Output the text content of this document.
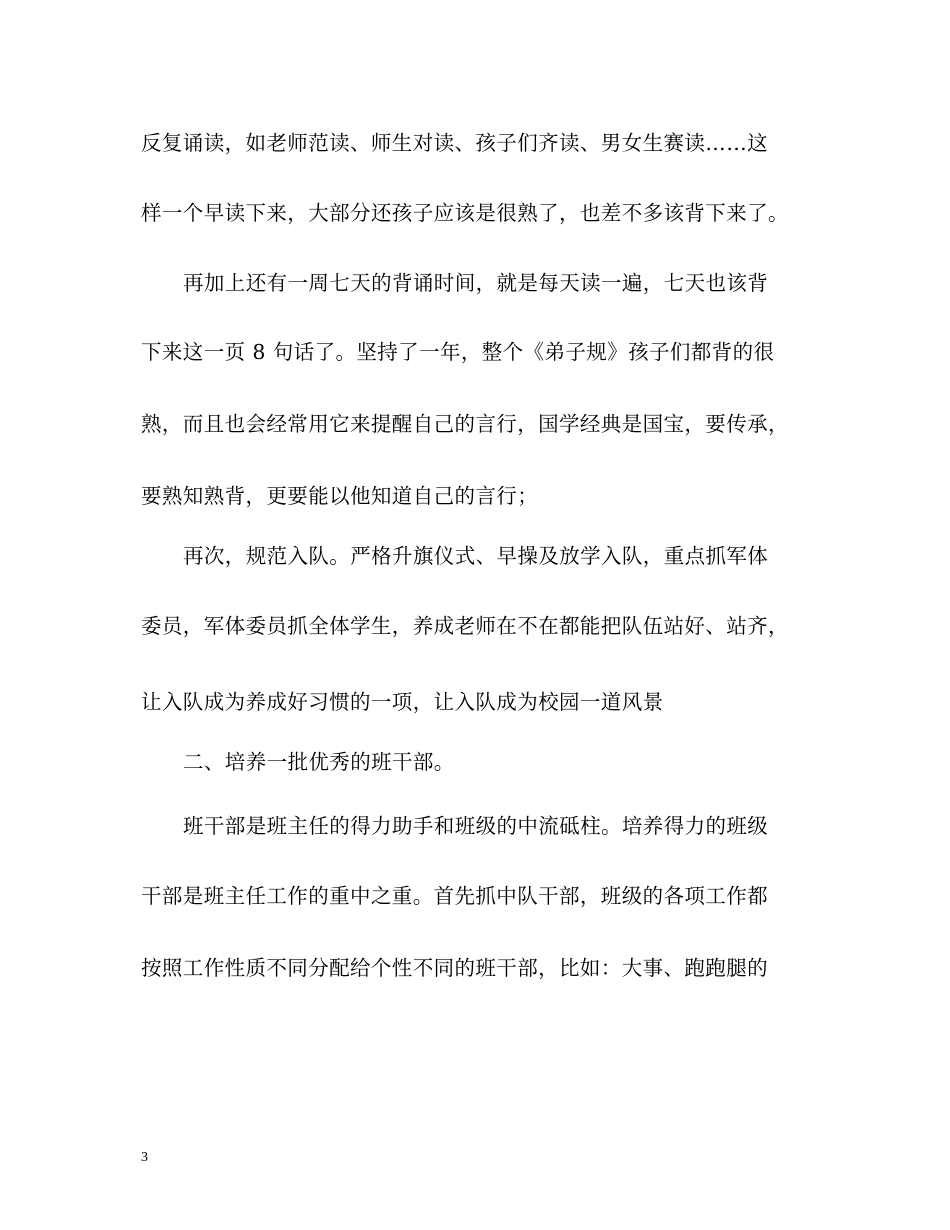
反复诵读，如老师范读、师生对读、孩子们齐读、男女生赛读……这
样一个早读下来，大部分还孩子应该是很熟了，也差不多该背下来了。
再加上还有一周七天的背诵时间，就是每天读一遍，七天也该背
下来这一页 8 句话了。坚持了一年，整个《弟子规》孩子们都背的很
熟，而且也会经常用它来提醒自己的言行，国学经典是国宝，要传承，
要熟知熟背，更要能以他知道自己的言行；
再次，规范入队。严格升旗仪式、早操及放学入队，重点抓军体
委员，军体委员抓全体学生，养成老师在不在都能把队伍站好、站齐，
让入队成为养成好习惯的一项，让入队成为校园一道风景
二、培养一批优秀的班干部。
班干部是班主任的得力助手和班级的中流砥柱。培养得力的班级
干部是班主任工作的重中之重。首先抓中队干部，班级的各项工作都
按照工作性质不同分配给个性不同的班干部，比如：大事、跑跑腿的
3
